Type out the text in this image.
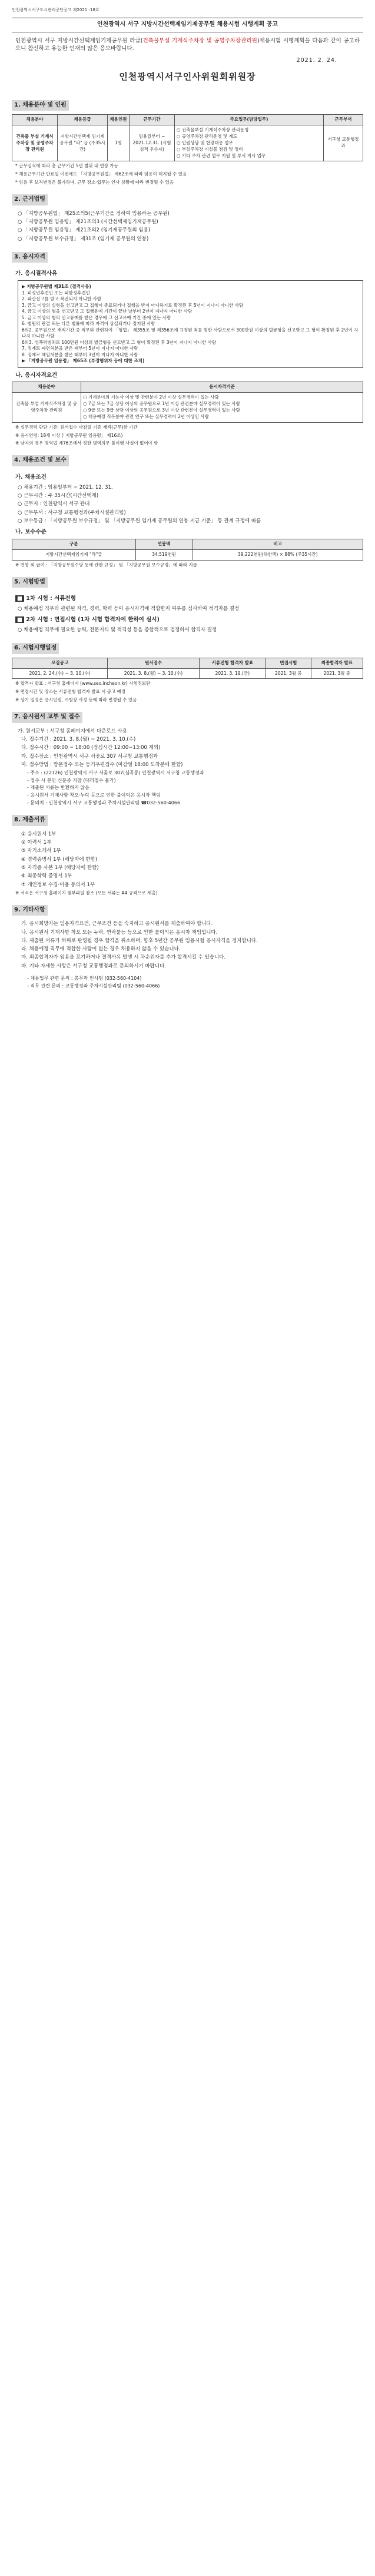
인천광역시서구도시관리공단공고 제2021 -18호
인천광역시 서구 지방시간선택제임기제공무원 채용시험 시행계획 공고
인천광역시 서구 지방시간선택제임기제공무원 라급(건축물부설 기계식주차장 및 공영주차장관리원)채용시험 시행계획을 다음과 같이 공고하오니 참신하고 유능한 인재의 많은 응모바랍니다.
2021. 2. 24.
인천광역시서구인사위원회위원장
1. 채용분야 및 인원
채용분야	채용등급	채용인원	근무기간	주요업무(담당업무)	근무부서
건축물 부설 기계식주차장 및 공영주차장 관리원	지방시간선택제 임기제공무원 "라" 급 (주35시간)	1명	임용일부터 ~ 2021.12.31. (시험성적 우수자)	○ 건축물부설 기계식주차장 관리운영
○ 공영주차장 관리운영 및 계도
○ 민원상담 및 현장대응 업무
○ 부설주차장 시설물 점검 및 정비
○ 기타 주차 관련 업무 지원 및 부서 지시 업무	서구청 교통행정과
* 근무실적에 따라 총 근무기간 5년 범위 내 연장 가능
* 채용근무기간 만료일 이전에도 「지방공무원법」 제62조에 따라 임용이 해지될 수 있음
* 임용 후 보직변경은 불가하며, 근무 장소·업무는 인사 상황에 따라 변경될 수 있음
2. 근거법령
○ 「지방공무원법」 제25조의5(근무기간을 정하여 임용하는 공무원)
○ 「지방공무원 임용령」 제21조의3 (시간선택제임기제공무원)
○ 「지방공무원 임용령」 제21조의2 (임기제공무원의 임용)
○ 「지방공무원 보수규정」 제31조 (임기제 공무원의 연봉)
3. 응시자격
가. 응시결격사유
▶ 지방공무원법 제31조 (결격사유)
1. 피성년후견인 또는 피한정후견인
2. 파산선고를 받고 복권되지 아니한 사람
3. 금고 이상의 실형을 선고받고 그 집행이 종료되거나 집행을 받지 아니하기로 확정된 후 5년이 지나지 아니한 사람
4. 금고 이상의 형을 선고받고 그 집행유예 기간이 끝난 날부터 2년이 지나지 아니한 사람
5. 금고 이상의 형의 선고유예를 받은 경우에 그 선고유예 기간 중에 있는 사람
6. 법원의 판결 또는 다른 법률에 따라 자격이 상실되거나 정지된 사람
6의2. 공무원으로 재직기간 중 직무와 관련하여 「형법」 제355조 및 제356조에 규정된 죄를 범한 사람으로서 300만원 이상의 벌금형을 선고받고 그 형이 확정된 후 2년이 지나지 아니한 사람
6의3. 성폭력범죄로 100만원 이상의 벌금형을 선고받고 그 형이 확정된 후 3년이 지나지 아니한 사람
7. 징계로 파면처분을 받은 때부터 5년이 지나지 아니한 사람
8. 징계로 해임처분을 받은 때부터 3년이 지나지 아니한 사람
▶ 「지방공무원 임용령」 제65조 (부정행위자 등에 대한 조치)
나. 응시자격요건
채용분야	응시자격기준
건축물 부설 기계식주차장 및 공영주차장 관리원	○ 기계분야의 기능사 이상 및 관련분야 2년 이상 실무경력이 있는 사람
○ 7급 또는 7급 상당 이상의 공무원으로 1년 이상 관련분야 실무경력이 있는 사람
○ 9급 또는 9급 상당 이상의 공무원으로 3년 이상 관련분야 실무경력이 있는 사람
○ 채용예정 직무분야 관련 연구 또는 실무경력이 2년 이상인 사람
※ 실무경력 판단 기준: 원서접수 마감일 기준 재직(근무)한 기간
※ 응시연령: 18세 이상 (「지방공무원 임용령」 제16조)
※ 남자의 경우 병역법 제76조에서 정한 병역의무 불이행 사실이 없어야 함
4. 채용조건 및 보수
가. 채용조건
○ 채용기간 : 임용일부터 ~ 2021. 12. 31.
○ 근무시간 : 주 35시간(시간선택제)
○ 근무지 : 인천광역시 서구 관내
○ 근무부서 : 서구청 교통행정과(주차시설관리팀)
○ 보수등급 : 「지방공무원 보수규정」 및 「지방공무원 임기제 공무원의 연봉 지급 기준」 등 관계 규정에 따름
나. 보수수준
구분	연봉액	비고
지방시간선택제임기제 "라"급	34,519천원	39,222천원(하한액) × 88% (주35시간)
※ 연봉 외 급여 : 「지방공무원수당 등에 관한 규정」 및 「지방공무원 보수규정」에 따라 지급
5. 시험방법
■ 1차 시험 : 서류전형
○ 채용예정 직무와 관련된 자격, 경력, 학력 등이 응시자격에 적합한지 여부를 심사하여 적격자를 결정
■ 2차 시험 : 면접시험 (1차 시험 합격자에 한하여 실시)
○ 채용예정 직무에 필요한 능력, 전문지식 및 적격성 등을 종합적으로 검정하여 합격자 결정
6. 시험시행일정
모집공고	원서접수	서류전형 합격자 발표	면접시험	최종합격자 발표
2021. 2. 24.(수) ~ 3. 10.(수)	2021. 3. 8.(월) ~ 3. 10.(수)	2021. 3. 19.(금)	2021. 3월 중	2021. 3월 중
※ 합격자 발표 : 서구청 홈페이지 (www.seo.incheon.kr) 시험정보란
※ 면접시간 및 장소는 서류전형 합격자 발표 시 공고 예정
※ 상기 일정은 응시인원, 시험장 사정 등에 따라 변경될 수 있음
7. 응시원서 교부 및 접수
가. 원서교부 : 서구청 홈페이지에서 다운로드 사용
나. 접수기간 : 2021. 3. 8.(월) ~ 2021. 3. 10.(수)
다. 접수시간 : 09:00 ~ 18:00 (점심시간 12:00~13:00 제외)
라. 접수장소 : 인천광역시 서구 서곶로 307 서구청 교통행정과
마. 접수방법 : 방문접수 또는 등기우편접수 (마감일 18:00 도착분에 한함)
- 주소 : (22726) 인천광역시 서구 서곶로 307(심곡동) 인천광역시 서구청 교통행정과
- 접수 시 본인 신분증 지참 (대리접수 불가)
- 제출된 서류는 반환하지 않음
- 응시원서 기재사항 착오·누락 등으로 인한 불이익은 응시자 책임
- 문의처 : 인천광역시 서구 교통행정과 주차시설관리팀 ☎032-560-4066
8. 제출서류
① 응시원서 1부
② 이력서 1부
③ 자기소개서 1부
④ 경력증명서 1부 (해당자에 한함)
⑤ 자격증 사본 1부 (해당자에 한함)
⑥ 최종학력 증명서 1부
⑦ 개인정보 수집·이용 동의서 1부
※ 서식은 서구청 홈페이지 첨부파일 참조 (모든 서류는 A4 규격으로 제출)
9. 기타사항
가. 응시희망자는 임용자격요건, 근무조건 등을 숙지하고 응시원서를 제출하여야 합니다.
나. 응시원서 기재사항 착오 또는 누락, 연락불능 등으로 인한 불이익은 응시자 책임입니다.
다. 제출된 서류가 허위로 판명될 경우 합격을 취소하며, 향후 5년간 공무원 임용시험 응시자격을 정지합니다.
라. 채용예정 직무에 적합한 사람이 없는 경우 채용하지 않을 수 있습니다.
마. 최종합격자가 임용을 포기하거나 결격사유 발생 시 차순위자를 추가 합격시킬 수 있습니다.
바. 기타 자세한 사항은 서구청 교통행정과로 문의하시기 바랍니다.
- 채용업무 관련 문의 : 총무과 인사팀 (032-560-4104)
- 직무 관련 문의 : 교통행정과 주차시설관리팀 (032-560-4066)
